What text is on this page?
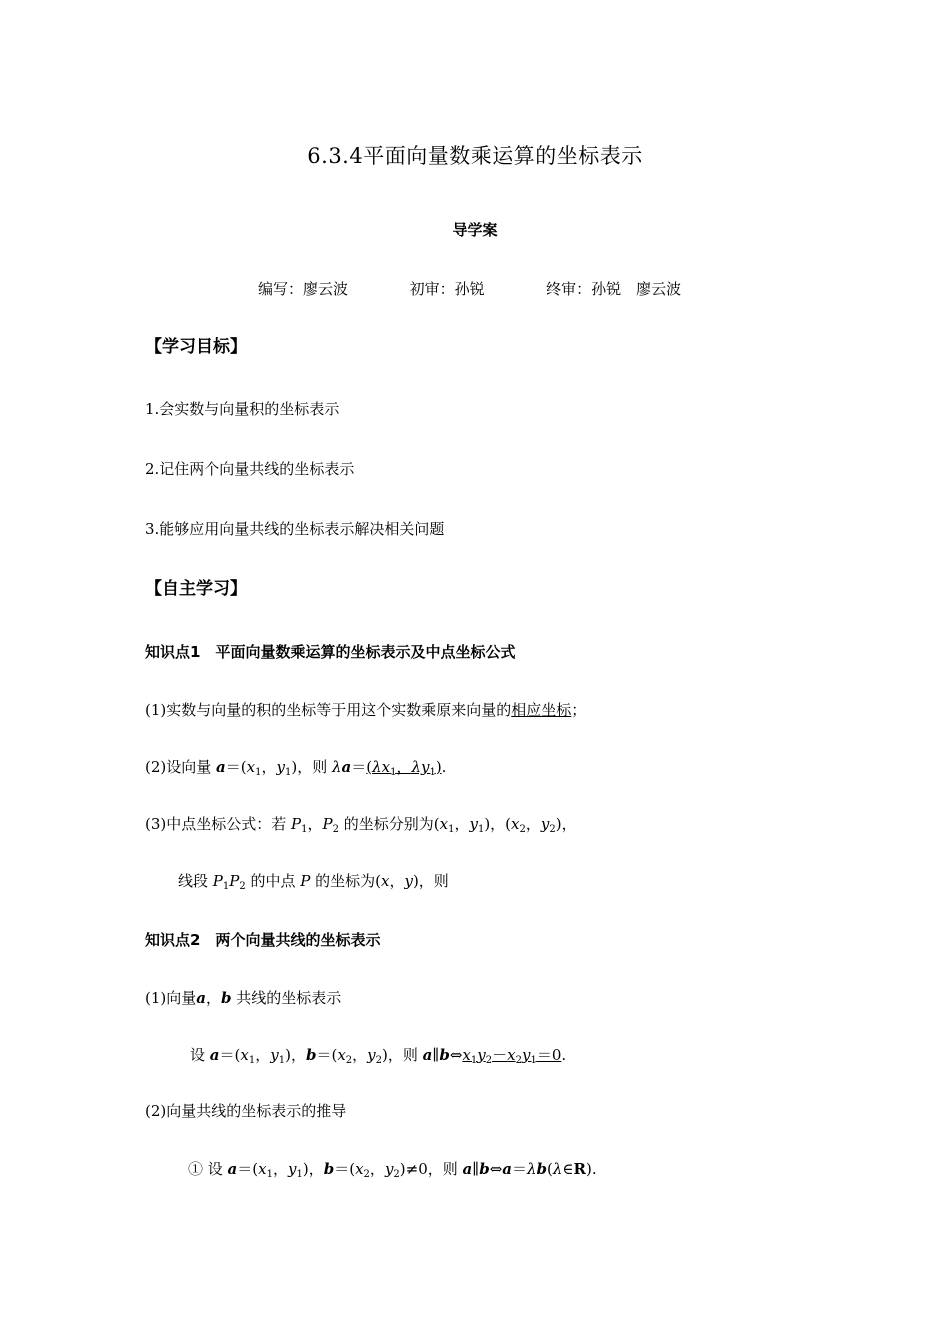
6.3.4平面向量数乘运算的坐标表示
导学案
编写：廖云波	初审：孙锐	终审：孙锐　廖云波
【学习目标】
1.会实数与向量积的坐标表示
2.记住两个向量共线的坐标表示
3.能够应用向量共线的坐标表示解决相关问题
【自主学习】
知识点1　平面向量数乘运算的坐标表示及中点坐标公式
(1)实数与向量的积的坐标等于用这个实数乘原来向量的相应坐标；
(2)设向量 $a=(x_1$，$y_1$)，则 $\lambda a=(\lambda x_1$，$\lambda y_1$).
(3)中点坐标公式：若 $P_1$，$P_2$ 的坐标分别为($x_1$，$y_1$)，($x_2$，$y_2$)，
线段 $P_1P_2$ 的中点 P 的坐标为(x，y)，则
知识点2　两个向量共线的坐标表示
(1)向量a，b 共线的坐标表示
设 $a=(x_1$，$y_1$)，$b=(x_2$，$y_2$)，则 $a\parallel b\Leftrightarrow x_1y_2-x_2y_1=0$.
(2)向量共线的坐标表示的推导
① 设 $a=(x_1$，$y_1$)，$b=(x_2$，$y_2)\ne 0$，则 a∥b⇔a＝λb(λ∈R).
